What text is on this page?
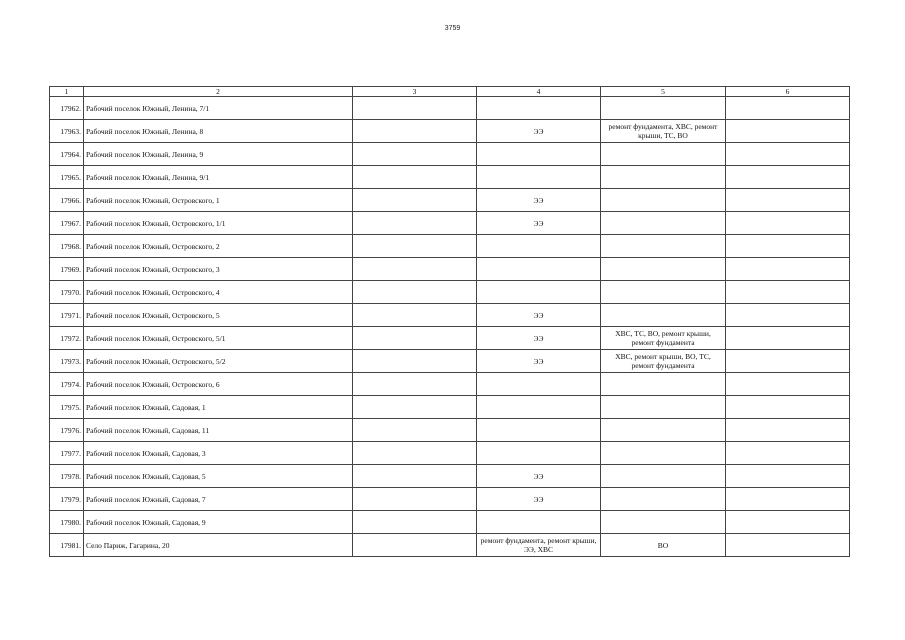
3759
1	2	3	4	5	6
17962.	Рабочий поселок Южный, Ленина, 7/1				
17963.	Рабочий поселок Южный, Ленина, 8		ЭЭ	ремонт фундамента, ХВС, ремонт крыши, ТС, ВО	
17964.	Рабочий поселок Южный, Ленина, 9				
17965.	Рабочий поселок Южный, Ленина, 9/1				
17966.	Рабочий поселок Южный, Островского, 1		ЭЭ		
17967.	Рабочий поселок Южный, Островского, 1/1		ЭЭ		
17968.	Рабочий поселок Южный, Островского, 2				
17969.	Рабочий поселок Южный, Островского, 3				
17970.	Рабочий поселок Южный, Островского, 4				
17971.	Рабочий поселок Южный, Островского, 5		ЭЭ		
17972.	Рабочий поселок Южный, Островского, 5/1		ЭЭ	ХВС, ТС, ВО, ремонт крыши, ремонт фундамента	
17973.	Рабочий поселок Южный, Островского, 5/2		ЭЭ	ХВС, ремонт крыши, ВО, ТС, ремонт фундамента	
17974.	Рабочий поселок Южный, Островского, 6				
17975.	Рабочий поселок Южный, Садовая, 1				
17976.	Рабочий поселок Южный, Садовая, 11				
17977.	Рабочий поселок Южный, Садовая, 3				
17978.	Рабочий поселок Южный, Садовая, 5		ЭЭ		
17979.	Рабочий поселок Южный, Садовая, 7		ЭЭ		
17980.	Рабочий поселок Южный, Садовая, 9				
17981.	Село Париж, Гагарина, 20		ремонт фундамента, ремонт крыши, ЭЭ, ХВС	ВО	
